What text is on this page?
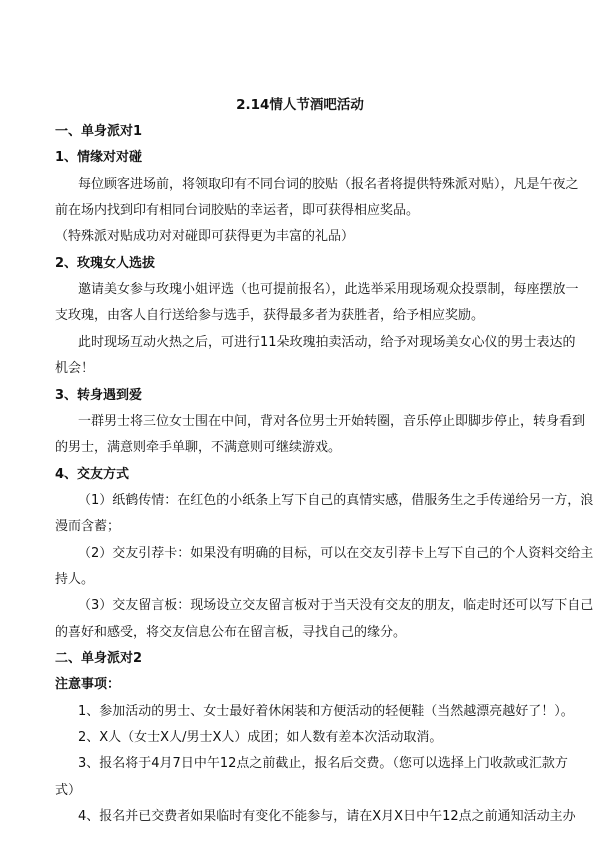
2.14情人节酒吧活动
一、单身派对1
1、情缘对对碰
每位顾客进场前，将领取印有不同台词的胶贴（报名者将提供特殊派对贴），凡是午夜之
前在场内找到印有相同台词胶贴的幸运者，即可获得相应奖品。
（特殊派对贴成功对对碰即可获得更为丰富的礼品）
2、玫瑰女人选拔
邀请美女参与玫瑰小姐评选（也可提前报名），此选举采用现场观众投票制，每座摆放一
支玫瑰，由客人自行送给参与选手，获得最多者为获胜者，给予相应奖励。
此时现场互动火热之后，可进行11朵玫瑰拍卖活动，给予对现场美女心仪的男士表达的
机会！
3、转身遇到爱
一群男士将三位女士围在中间，背对各位男士开始转圈，音乐停止即脚步停止，转身看到
的男士，满意则牵手单聊，不满意则可继续游戏。
4、交友方式
（1）纸鹤传情：在红色的小纸条上写下自己的真情实感，借服务生之手传递给另一方，浪
漫而含蓄；
（2）交友引荐卡：如果没有明确的目标，可以在交友引荐卡上写下自己的个人资料交给主
持人。
（3）交友留言板：现场设立交友留言板对于当天没有交友的朋友，临走时还可以写下自己
的喜好和感受，将交友信息公布在留言板，寻找自己的缘分。
二、单身派对2
注意事项：
1、参加活动的男士、女士最好着休闲装和方便活动的轻便鞋（当然越漂亮越好了！）。
2、X人（女士X人/男士X人）成团；如人数有差本次活动取消。
3、报名将于4月7日中午12点之前截止，报名后交费。（您可以选择上门收款或汇款方
式）
4、报名并已交费者如果临时有变化不能参与，请在X月X日中午12点之前通知活动主办
